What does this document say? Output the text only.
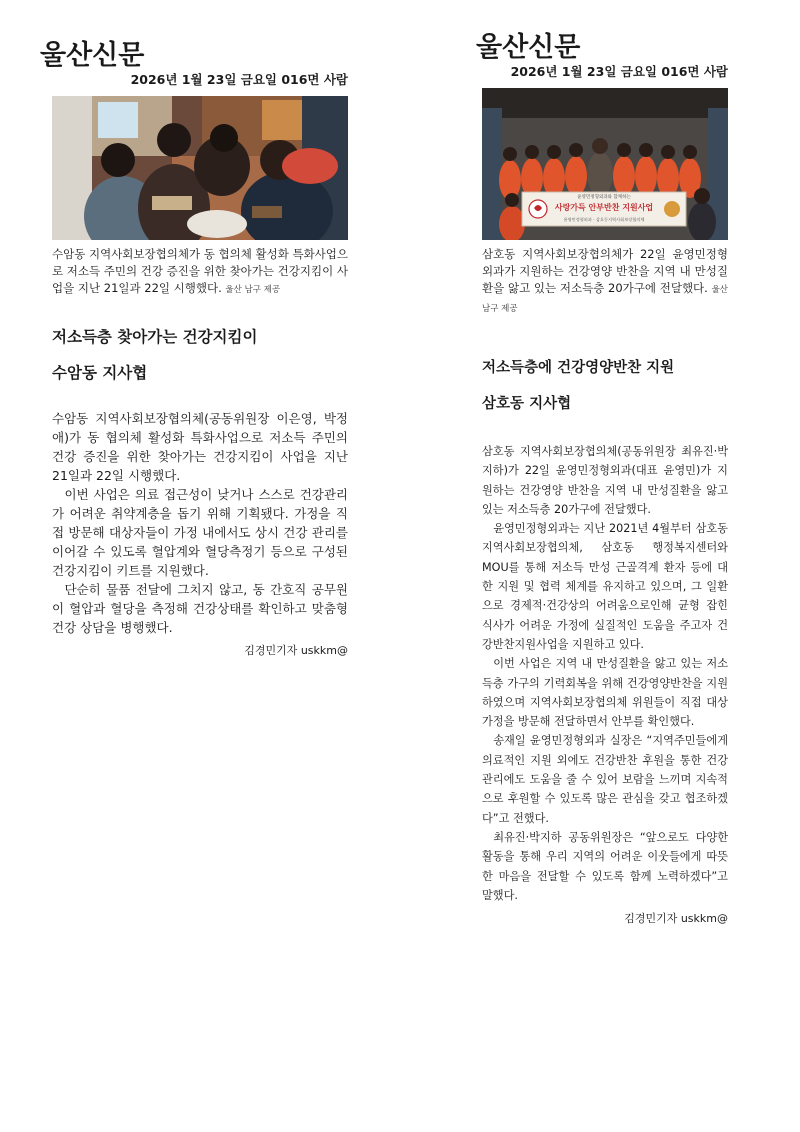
울산신문
2026년 1월 23일 금요일 016면 사람
수암동 지역사회보장협의체가 동 협의체 활성화 특화사업으로 저소득 주민의 건강 증진을 위한 찾아가는 건강지킴이 사업을 지난 21일과 22일 시행했다. 울산 남구 제공
저소득층 찾아가는 건강지킴이
수암동 지사협

수암동 지역사회보장협의체(공동위원장 이은영, 박정애)가 동 협의체 활성화 특화사업으로 저소득 주민의 건강 증진을 위한 찾아가는 건강지킴이 사업을 지난 21일과 22일 시행했다.

이번 사업은 의료 접근성이 낮거나 스스로 건강관리가 어려운 취약계층을 돕기 위해 기획됐다. 가정을 직접 방문해 대상자들이 가정 내에서도 상시 건강 관리를 이어갈 수 있도록 혈압계와 혈당측정기 등으로 구성된 건강지킴이 키트를 지원했다.

단순히 물품 전달에 그치지 않고, 동 간호직 공무원이 혈압과 혈당을 측정해 건강상태를 확인하고 맞춤형 건강 상담을 병행했다.

김경민기자 uskkm@
울산신문
2026년 1월 23일 금요일 016면 사람
윤영민정형외과와 함께하는
사랑가득 안부반찬 지원사업
윤영민정형외과 · 삼호동지역사회보장협의체
삼호동 지역사회보장협의체가 22일 윤영민정형외과가 지원하는 건강영양 반찬을 지역 내 만성질환을 앓고 있는 저소득층 20가구에 전달했다. 울산 남구 제공
저소득층에 건강영양반찬 지원
삼호동 지사협

삼호동 지역사회보장협의체(공동위원장 최유진·박지하)가 22일 윤영민정형외과(대표 윤영민)가 지원하는 건강영양 반찬을 지역 내 만성질환을 앓고 있는 저소득층 20가구에 전달했다.

윤영민정형외과는 지난 2021년 4월부터 삼호동지역사회보장협의체, 삼호동 행정복지센터와 MOU를 통해 저소득 만성 근골격계 환자 등에 대한 지원 및 협력 체계를 유지하고 있으며, 그 일환으로 경제적·건강상의 어려움으로인해 균형 잡힌 식사가 어려운 가정에 실질적인 도움을 주고자 건강반찬지원사업을 지원하고 있다.

이번 사업은 지역 내 만성질환을 앓고 있는 저소득층 가구의 기력회복을 위해 건강영양반찬을 지원하였으며 지역사회보장협의체 위원들이 직접 대상가정을 방문해 전달하면서 안부를 확인했다.

송재일 윤영민정형외과 실장은 “지역주민들에게 의료적인 지원 외에도 건강반찬 후원을 통한 건강관리에도 도움을 줄 수 있어 보람을 느끼며 지속적으로 후원할 수 있도록 많은 관심을 갖고 협조하겠다”고 전했다.

최유진·박지하 공동위원장은 “앞으로도 다양한 활동을 통해 우리 지역의 어려운 이웃들에게 따뜻한 마음을 전달할 수 있도록 함께 노력하겠다”고 말했다.

김경민기자 uskkm@
